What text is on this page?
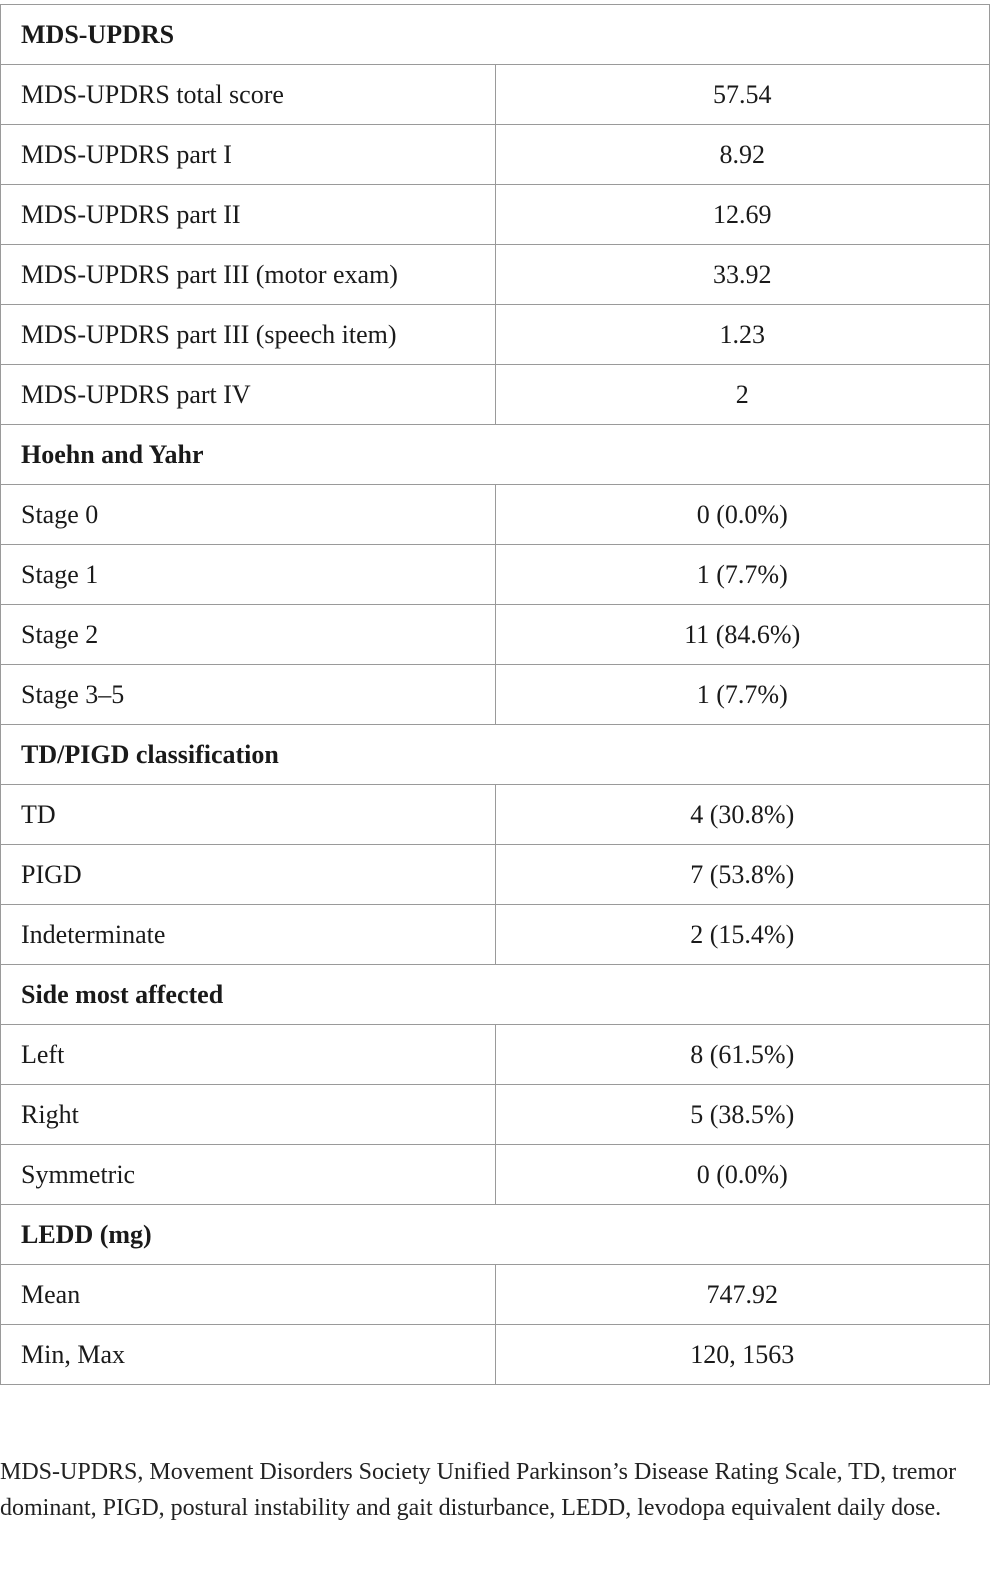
MDS-UPDRS	
MDS-UPDRS total score	57.54
MDS-UPDRS part I	8.92
MDS-UPDRS part II	12.69
MDS-UPDRS part III (motor exam)	33.92
MDS-UPDRS part III (speech item)	1.23
MDS-UPDRS part IV	2
Hoehn and Yahr	
Stage 0	0 (0.0%)
Stage 1	1 (7.7%)
Stage 2	11 (84.6%)
Stage 3–5	1 (7.7%)
TD/PIGD classification	
TD	4 (30.8%)
PIGD	7 (53.8%)
Indeterminate	2 (15.4%)
Side most affected	
Left	8 (61.5%)
Right	5 (38.5%)
Symmetric	0 (0.0%)
LEDD (mg)	
Mean	747.92
Min, Max	120, 1563
MDS-UPDRS, Movement Disorders Society Unified Parkinson’s Disease Rating Scale, TD, tremor dominant, PIGD, postural instability and gait disturbance, LEDD, levodopa equivalent daily dose.
